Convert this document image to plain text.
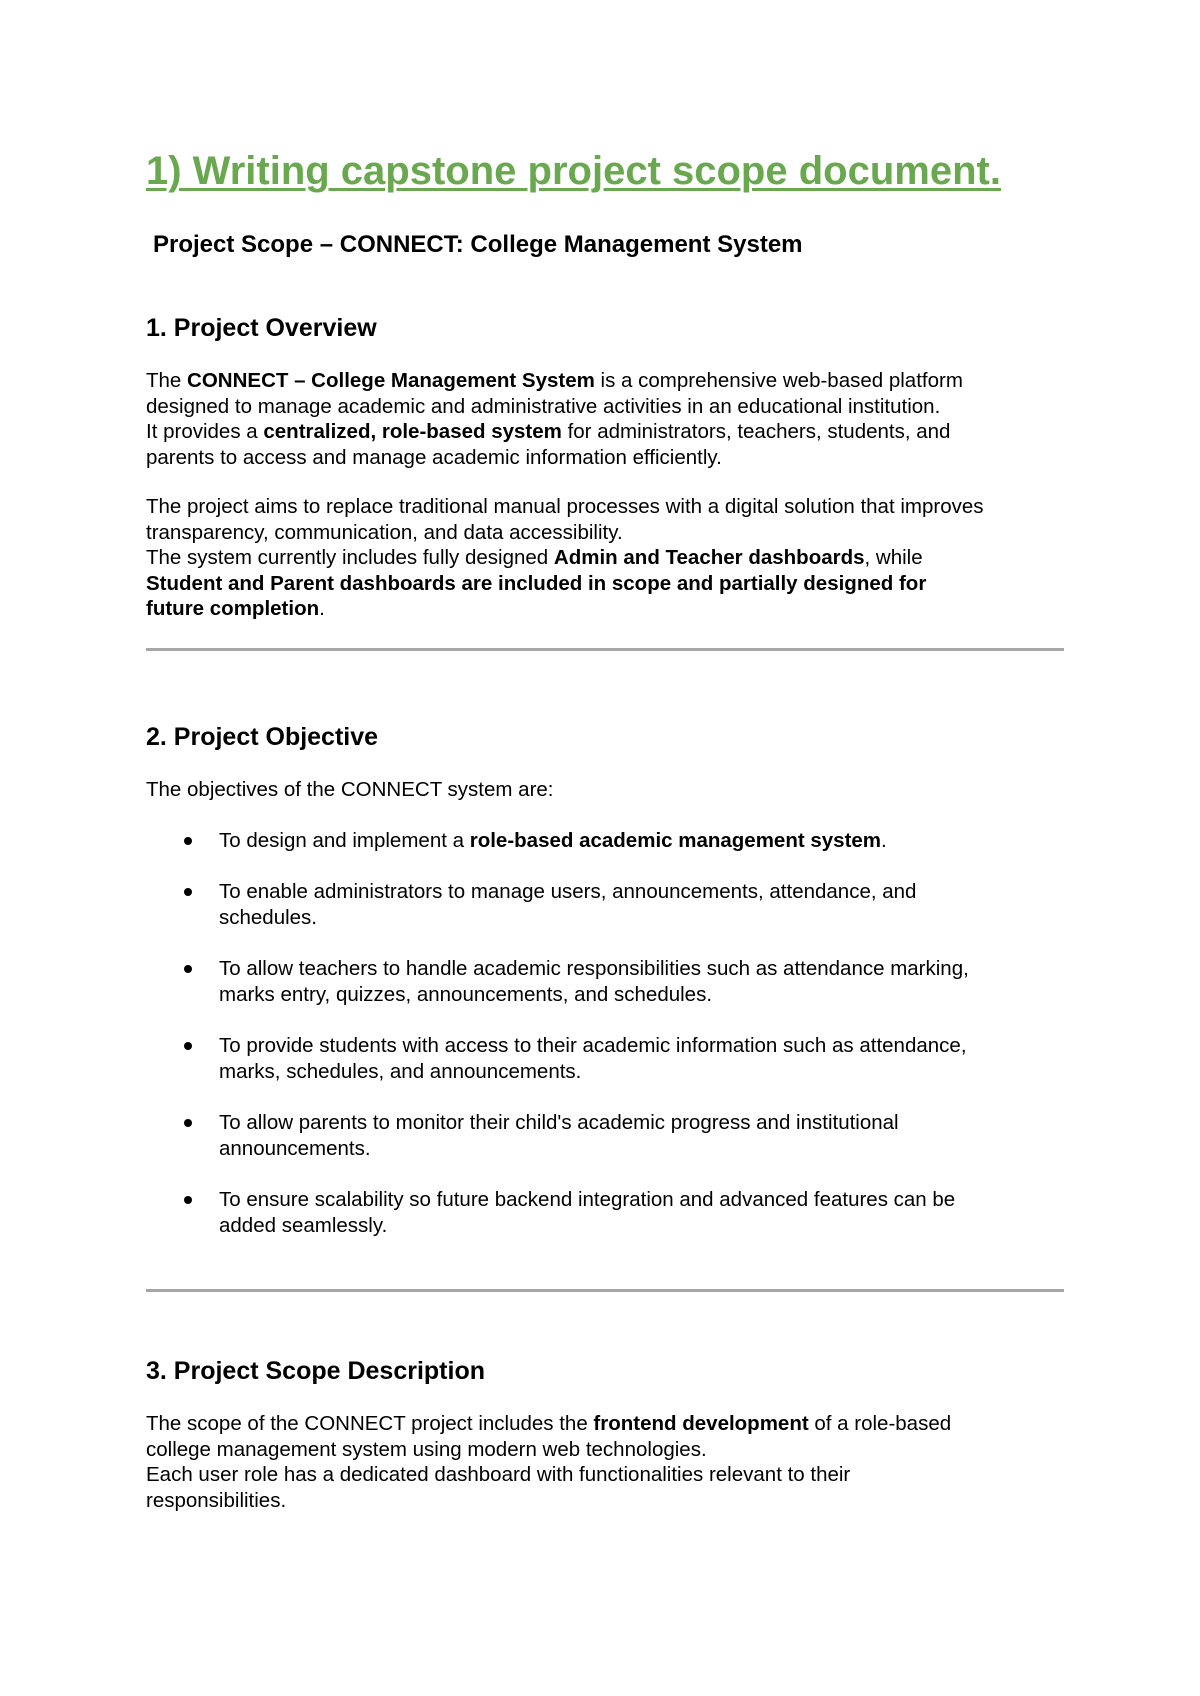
1) Writing capstone project scope document.
Project Scope – CONNECT: College Management System
1. Project Overview

The CONNECT – College Management System is a comprehensive web-based platform
designed to manage academic and administrative activities in an educational institution.
It provides a centralized, role-based system for administrators, teachers, students, and
parents to access and manage academic information efficiently.

The project aims to replace traditional manual processes with a digital solution that improves
transparency, communication, and data accessibility.
The system currently includes fully designed Admin and Teacher dashboards, while
Student and Parent dashboards are included in scope and partially designed for
future completion.

2. Project Objective

The objectives of the CONNECT system are:

To design and implement a role-based academic management system.
To enable administrators to manage users, announcements, attendance, and
schedules.
To allow teachers to handle academic responsibilities such as attendance marking,
marks entry, quizzes, announcements, and schedules.
To provide students with access to their academic information such as attendance,
marks, schedules, and announcements.
To allow parents to monitor their child's academic progress and institutional
announcements.
To ensure scalability so future backend integration and advanced features can be
added seamlessly.
3. Project Scope Description

The scope of the CONNECT project includes the frontend development of a role-based
college management system using modern web technologies.
Each user role has a dedicated dashboard with functionalities relevant to their
responsibilities.
